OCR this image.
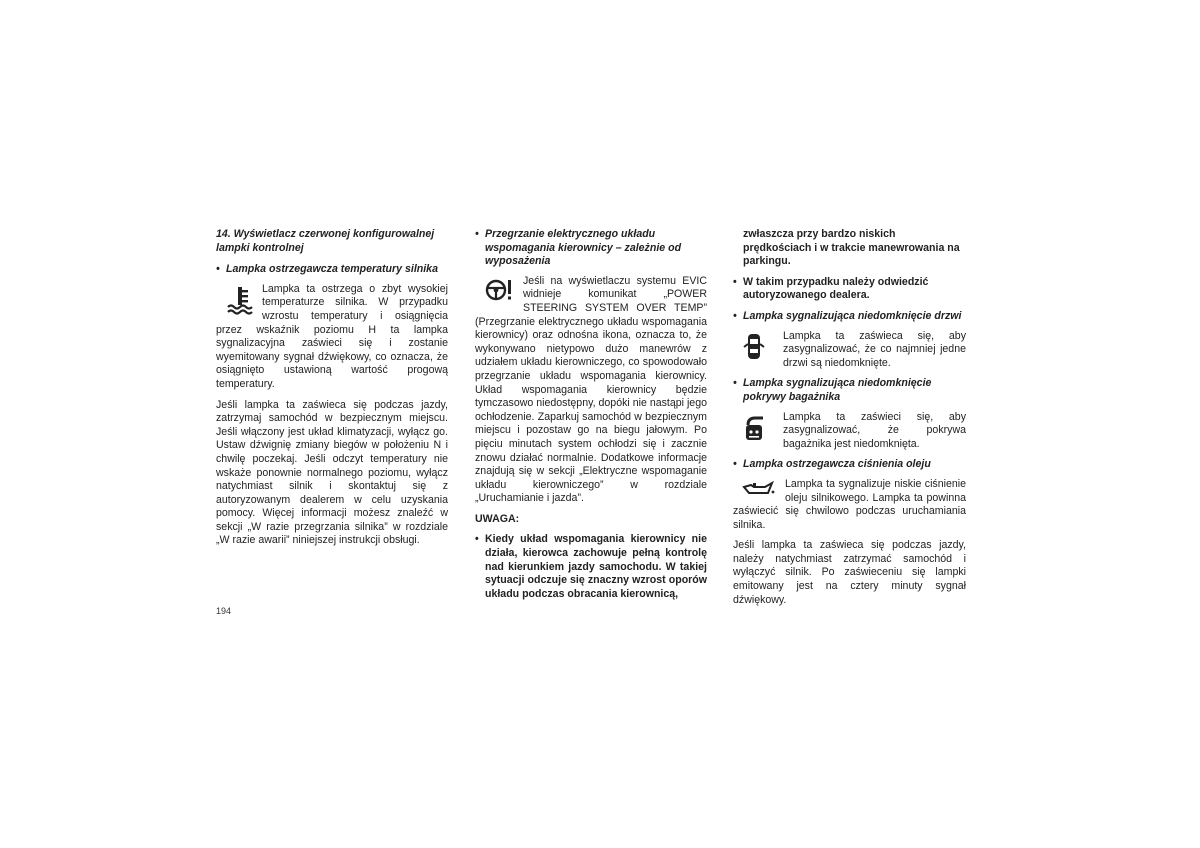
14. Wyświetlacz czerwonej konfigurowalnej lampki kontrolnej
• Lampka ostrzegawcza temperatury silnika

Lampka ta ostrzega o zbyt wysokiej temperaturze silnika. W przypadku wzrostu temperatury i osiągnięcia przez wskaźnik poziomu H ta lampka sygnalizacyjna zaświeci się i zostanie wyemitowany sygnał dźwiękowy, co oznacza, że osiągnięto ustawioną wartość progową temperatury.

Jeśli lampka ta zaświeca się podczas jazdy, zatrzymaj samochód w bezpiecznym miejscu. Jeśli włączony jest układ klimatyzacji, wyłącz go. Ustaw dźwignię zmiany biegów w położeniu N i chwilę poczekaj. Jeśli odczyt temperatury nie wskaże ponownie normalnego poziomu, wyłącz natychmiast silnik i skontaktuj się z autoryzowanym dealerem w celu uzyskania pomocy. Więcej informacji możesz znaleźć w sekcji „W razie przegrzania silnika” w rozdziale „W razie awarii” niniejszej instrukcji obsługi.

• Przegrzanie elektrycznego układu wspomagania kierownicy – zależnie od wyposażenia

Jeśli na wyświetlaczu systemu EVIC widnieje komunikat „POWER STEERING SYSTEM OVER TEMP” (Przegrzanie elektrycznego układu wspomagania kierownicy) oraz odnośna ikona, oznacza to, że wykonywano nietypowo dużo manewrów z udziałem układu kierowniczego, co spowodowało przegrzanie układu wspomagania kierownicy. Układ wspomagania kierownicy będzie tymczasowo niedostępny, dopóki nie nastąpi jego ochłodzenie. Zaparkuj samochód w bezpiecznym miejscu i pozostaw go na biegu jałowym. Po pięciu minutach system ochłodzi się i zacznie znowu działać normalnie. Dodatkowe informacje znajdują się w sekcji „Elektryczne wspomaganie układu kierowniczego” w rozdziale „Uruchamianie i jazda”.

UWAGA:
• Kiedy układ wspomagania kierownicy nie działa, kierowca zachowuje pełną kontrolę nad kierunkiem jazdy samochodu. W takiej sytuacji odczuje się znaczny wzrost oporów układu podczas obracania kierownicą,

zwłaszcza przy bardzo niskich prędkościach i w trakcie manewrowania na parkingu.

• W takim przypadku należy odwiedzić autoryzowanego dealera.
• Lampka sygnalizująca niedomknięcie drzwi

Lampka ta zaświeca się, aby zasygnalizować, że co najmniej jedne drzwi są niedomknięte.

• Lampka sygnalizująca niedomknięcie pokrywy bagażnika

Lampka ta zaświeci się, aby zasygnalizować, że pokrywa bagażnika jest niedomknięta.

• Lampka ostrzegawcza ciśnienia oleju

Lampka ta sygnalizuje niskie ciśnienie oleju silnikowego. Lampka ta powinna zaświecić się chwilowo podczas uruchamiania silnika.

Jeśli lampka ta zaświeca się podczas jazdy, należy natychmiast zatrzymać samochód i wyłączyć silnik. Po zaświeceniu się lampki emitowany jest na cztery minuty sygnał dźwiękowy.

194
